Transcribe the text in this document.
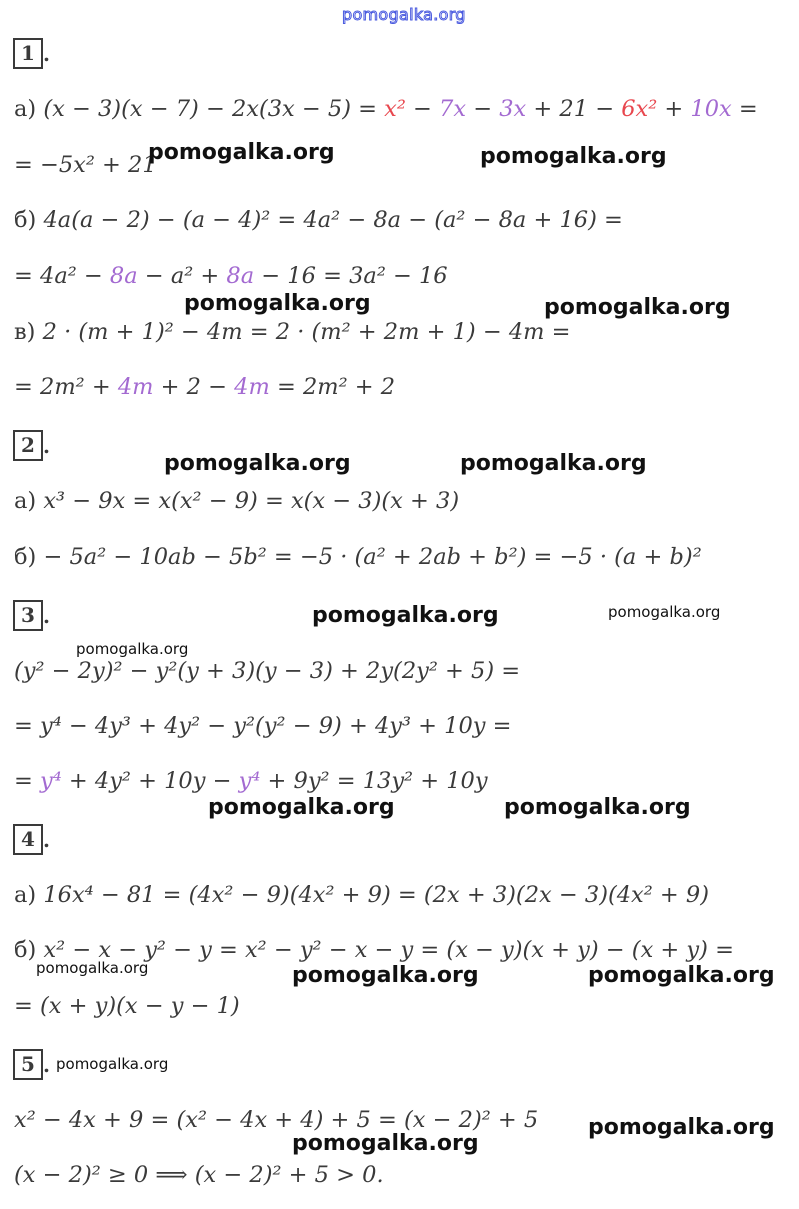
pomogalka.org
1 .
а) (x − 3)(x − 7) − 2x(3x − 5) = x² − 7x − 3x + 21 − 6x² + 10x =
= −5x² + 21
б) 4a(a − 2) − (a − 4)² = 4a² − 8a − (a² − 8a + 16) =
= 4a² − 8a − a² + 8a − 16 = 3a² − 16
в) 2 · (m + 1)² − 4m = 2 · (m² + 2m + 1) − 4m =
= 2m² + 4m + 2 − 4m = 2m² + 2
2 .
а) x³ − 9x = x(x² − 9) = x(x − 3)(x + 3)
б) − 5a² − 10ab − 5b² = −5 · (a² + 2ab + b²) = −5 · (a + b)²
3 .
(y² − 2y)² − y²(y + 3)(y − 3) + 2y(2y² + 5) =
= y⁴ − 4y³ + 4y² − y²(y² − 9) + 4y³ + 10y =
= y⁴ + 4y² + 10y − y⁴ + 9y² = 13y² + 10y
4 .
а) 16x⁴ − 81 = (4x² − 9)(4x² + 9) = (2x + 3)(2x − 3)(4x² + 9)
б) x² − x − y² − y = x² − y² − x − y = (x − y)(x + y) − (x + y) =
= (x + y)(x − y − 1)
5 .
x² − 4x + 9 = (x² − 4x + 4) + 5 = (x − 2)² + 5
(x − 2)² ≥ 0 ⟹ (x − 2)² + 5 > 0.
pomogalka.org	pomogalka.org
pomogalka.org	pomogalka.org
pomogalka.org	pomogalka.org
pomogalka.org	pomogalka.org
pomogalka.org
pomogalka.org	pomogalka.org
pomogalka.org	pomogalka.org	pomogalka.org
pomogalka.org
pomogalka.org
pomogalka.org
